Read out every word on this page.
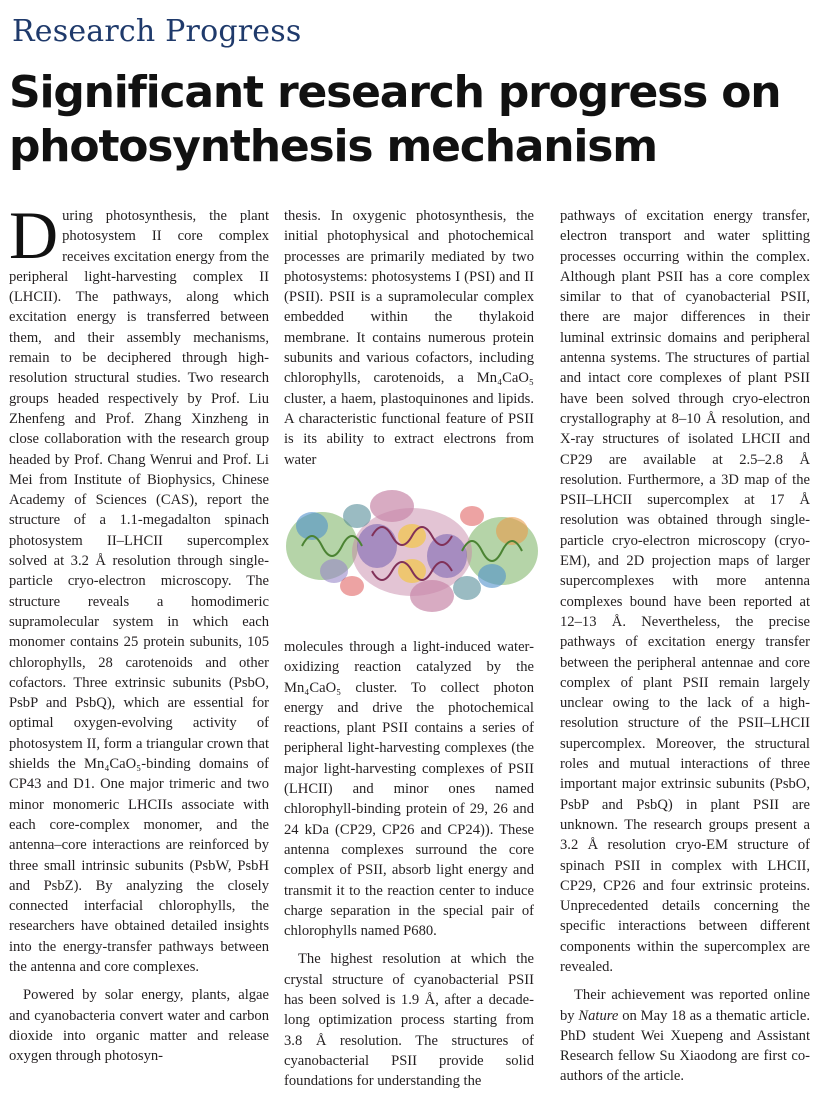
Research Progress
Significant research progress on photosynthesis mechanism

During photosynthesis, the plant photosystem II core complex receives excitation energy from the peripheral light-harvesting complex II (LHCII). The pathways, along which excitation energy is transferred between them, and their assembly mechanisms, remain to be deciphered through high-resolution structural studies. Two research groups headed respectively by Prof. Liu Zhenfeng and Prof. Zhang Xinzheng in close collaboration with the research group headed by Prof. Chang Wenrui and Prof. Li Mei from Institute of Biophysics, Chinese Academy of Sciences (CAS), report the structure of a 1.1-megadalton spinach photosystem II–LHCII supercomplex solved at 3.2 Å resolution through single-particle cryo-electron microscopy. The structure reveals a homodimeric supramolecular system in which each monomer contains 25 protein subunits, 105 chlorophylls, 28 carotenoids and other cofactors. Three extrinsic subunits (PsbO, PsbP and PsbQ), which are essential for optimal oxygen-evolving activity of photosystem II, form a triangular crown that shields the Mn₄CaO₅-binding domains of CP43 and D1. One major trimeric and two minor monomeric LHCIIs associate with each core-complex monomer, and the antenna–core interactions are reinforced by three small intrinsic subunits (PsbW, PsbH and PsbZ). By analyzing the closely connected interfacial chlorophylls, the researchers have obtained detailed insights into the energy-transfer pathways between the antenna and core complexes.

Powered by solar energy, plants, algae and cyanobacteria convert water and carbon dioxide into organic matter and release oxygen through photosyn-

thesis. In oxygenic photosynthesis, the initial photophysical and photochemical processes are primarily mediated by two photosystems: photosystems I (PSI) and II (PSII). PSII is a supramolecular complex embedded within the thylakoid membrane. It contains numerous protein subunits and various cofactors, including chlorophylls, carotenoids, a Mn₄CaO₅ cluster, a haem, plastoquinones and lipids. A characteristic functional feature of PSII is its ability to extract electrons from water

molecules through a light-induced water-oxidizing reaction catalyzed by the Mn₄CaO₅ cluster. To collect photon energy and drive the photochemical reactions, plant PSII contains a series of peripheral light-harvesting complexes (the major light-harvesting complexes of PSII (LHCII) and minor ones named chlorophyll-binding protein of 29, 26 and 24 kDa (CP29, CP26 and CP24)). These antenna complexes surround the core complex of PSII, absorb light energy and transmit it to the reaction center to induce charge separation in the special pair of chlorophylls named P680.

The highest resolution at which the crystal structure of cyanobacterial PSII has been solved is 1.9 Å, after a decade-long optimization process starting from 3.8 Å resolution. The structures of cyanobacterial PSII provide solid foundations for understanding the

pathways of excitation energy transfer, electron transport and water splitting processes occurring within the complex. Although plant PSII has a core complex similar to that of cyanobacterial PSII, there are major differences in their luminal extrinsic domains and peripheral antenna systems. The structures of partial and intact core complexes of plant PSII have been solved through cryo-electron crystallography at 8–10 Å resolution, and X-ray structures of isolated LHCII and CP29 are available at 2.5–2.8 Å resolution. Furthermore, a 3D map of the PSII–LHCII supercomplex at 17 Å resolution was obtained through single-particle cryo-electron microscopy (cryo-EM), and 2D projection maps of larger supercomplexes with more antenna complexes bound have been reported at 12–13 Å. Nevertheless, the precise pathways of excitation energy transfer between the peripheral antennae and core complex of plant PSII remain largely unclear owing to the lack of a high-resolution structure of the PSII–LHCII supercomplex. Moreover, the structural roles and mutual interactions of three important major extrinsic subunits (PsbO, PsbP and PsbQ) in plant PSII are unknown. The research groups present a 3.2 Å resolution cryo-EM structure of spinach PSII in complex with LHCII, CP29, CP26 and four extrinsic proteins. Unprecedented details concerning the specific interactions between different components within the supercomplex are revealed.

Their achievement was reported online by Nature on May 18 as a thematic article. PhD student Wei Xuepeng and Assistant Research fellow Su Xiaodong are first co-authors of the article.
